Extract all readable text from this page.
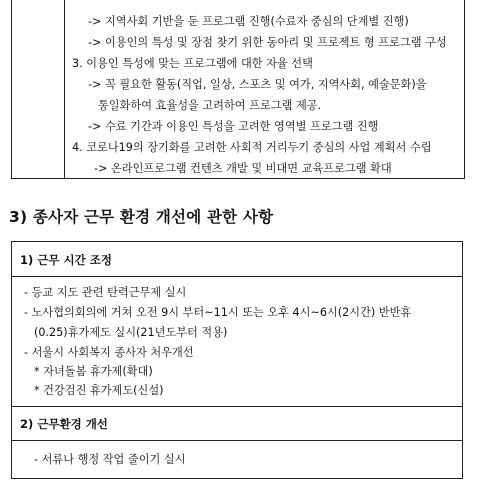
-> 지역사회 기반을 둔 프로그램 진행(수료자 중심의 단계별 진행)
-> 이용인의 특성 및 장점 찾기 위한 동아리 및 프로젝트 형 프로그램 구성
3. 이용인 특성에 맞는 프로그램에 대한 자율 선택
-> 꼭 필요한 활동(직업, 일상, 스포츠 및 여가, 지역사회, 예술문화)을
통일화하여 효율성을 고려하여 프로그램 제공.
-> 수료 기간과 이용인 특성을 고려한 영역별 프로그램 진행
4. 코로나19의 장기화를 고려한 사회적 거리두기 중심의 사업 계획서 수립
-> 온라인프로그램 컨텐츠 개발 및 비대면 교육프로그램 확대
3) 종사자 근무 환경 개선에 관한 사항
1) 근무 시간 조정
- 등교 지도 관련 탄력근무제 실시
- 노사협의회의에 거쳐 오전 9시 부터~11시 또는 오후 4시~6시(2시간) 반반휴
(0.25)휴가제도 실시(21년도부터 적용)
- 서울시 사회복지 종사자 처우개선
* 자녀돌봄 휴가제(확대)
* 건강검진 휴가제도(신설)
2) 근무환경 개선
- 서류나 행정 작업 줄이기 실시
